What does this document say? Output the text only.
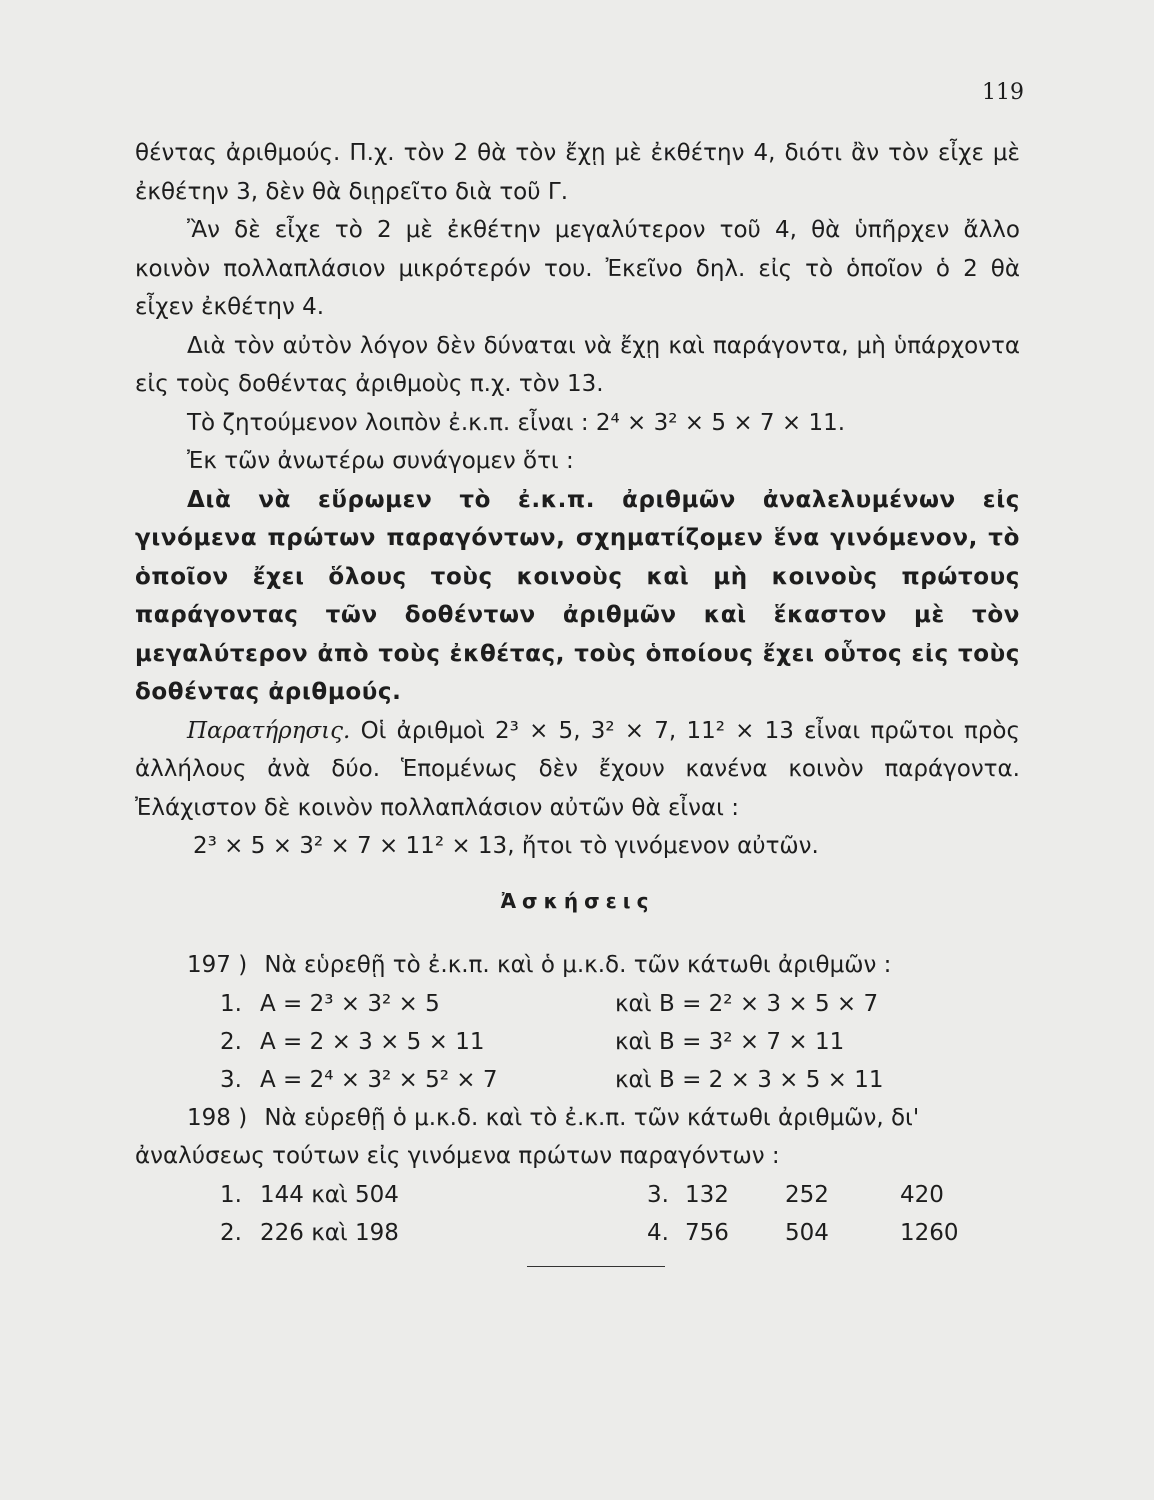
119

θέντας ἀριθμούς. Π.χ. τὸν 2 θὰ τὸν ἔχῃ μὲ ἐκθέτην 4, διότι ἂν τὸν εἶχε μὲ ἐκθέτην 3, δὲν θὰ διῃρεῖτο διὰ τοῦ Γ.

Ἂν δὲ εἶχε τὸ 2 μὲ ἐκθέτην μεγαλύτερον τοῦ 4, θὰ ὑπῆρχεν ἄλλο κοινὸν πολλαπλάσιον μικρότερόν του. Ἐκεῖνο δηλ. εἰς τὸ ὁποῖον ὁ 2 θὰ εἶχεν ἐκθέτην 4.

Διὰ τὸν αὐτὸν λόγον δὲν δύναται νὰ ἔχῃ καὶ παράγοντα, μὴ ὑπάρχοντα εἰς τοὺς δοθέντας ἀριθμοὺς π.χ. τὸν 13.

Τὸ ζητούμενον λοιπὸν ἐ.κ.π. εἶναι : 2⁴ × 3² × 5 × 7 × 11.

Ἐκ τῶν ἀνωτέρω συνάγομεν ὅτι :

Διὰ νὰ εὕρωμεν τὸ ἐ.κ.π. ἀριθμῶν ἀναλελυμένων εἰς γινόμενα πρώτων παραγόντων, σχηματίζομεν ἕνα γινόμενον, τὸ ὁποῖον ἔχει ὅλους τοὺς κοινοὺς καὶ μὴ κοινοὺς πρώτους παράγοντας τῶν δοθέντων ἀριθμῶν καὶ ἕκαστον μὲ τὸν μεγαλύτερον ἀπὸ τοὺς ἐκθέτας, τοὺς ὁποίους ἔχει οὗτος εἰς τοὺς δοθέντας ἀριθμούς.

Παρατήρησις. Οἱ ἀριθμοὶ 2³ × 5, 3² × 7, 11² × 13 εἶναι πρῶτοι πρὸς ἀλλήλους ἀνὰ δύο. Ἑπομένως δὲν ἔχουν κανένα κοινὸν παράγοντα. Ἐλάχιστον δὲ κοινὸν πολλαπλάσιον αὐτῶν θὰ εἶναι :

2³ × 5 × 3² × 7 × 11² × 13, ἤτοι τὸ γινόμενον αὐτῶν.

Ἀσκήσεις
197 ) Νὰ εὑρεθῇ τὸ ἐ.κ.π. καὶ ὁ μ.κ.δ. τῶν κάτωθι ἀριθμῶν :
1. A = 2³ × 3² × 5	καὶ B = 2² × 3 × 5 × 7
2. A = 2 × 3 × 5 × 11	καὶ B = 3² × 7 × 11
3. A = 2⁴ × 3² × 5² × 7	καὶ B = 2 × 3 × 5 × 11
198 ) Νὰ εὑρεθῇ ὁ μ.κ.δ. καὶ τὸ ἐ.κ.π. τῶν κάτωθι ἀριθμῶν, δι'
ἀναλύσεως τούτων εἰς γινόμενα πρώτων παραγόντων :
1. 144 καὶ 504	3. 132 252	420
2. 226 καὶ 198	4. 756 504	1260
